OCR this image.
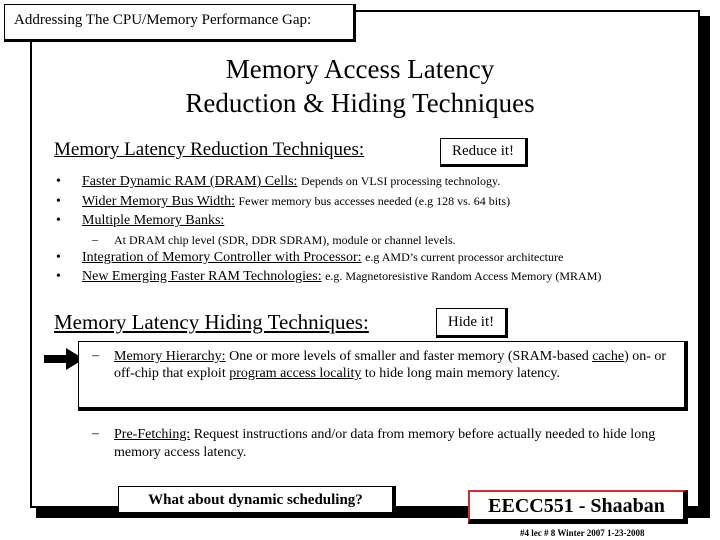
Addressing The CPU/Memory Performance Gap:
Memory Access Latency
Reduction & Hiding Techniques
Memory Latency Reduction Techniques:	Reduce it!
• Faster Dynamic RAM (DRAM) Cells: Depends on VLSI processing technology.
• Wider Memory Bus Width: Fewer memory bus accesses needed (e.g 128 vs. 64 bits)
• Multiple Memory Banks:
– At DRAM chip level (SDR, DDR SDRAM), module or channel levels.
• Integration of Memory Controller with Processor: e.g AMD’s current processor architecture
• New Emerging Faster RAM Technologies: e.g. Magnetoresistive Random Access Memory (MRAM)
Memory Latency Hiding Techniques:	Hide it!
– Memory Hierarchy: One or more levels of smaller and faster memory (SRAM-based cache) on- or off-chip that exploit program access locality to hide long main memory latency.
– Pre-Fetching: Request instructions and/or data from memory before actually needed to hide long memory access latency.
What about dynamic scheduling?	EECC551 - Shaaban
#4 lec # 8 Winter 2007 1-23-2008
